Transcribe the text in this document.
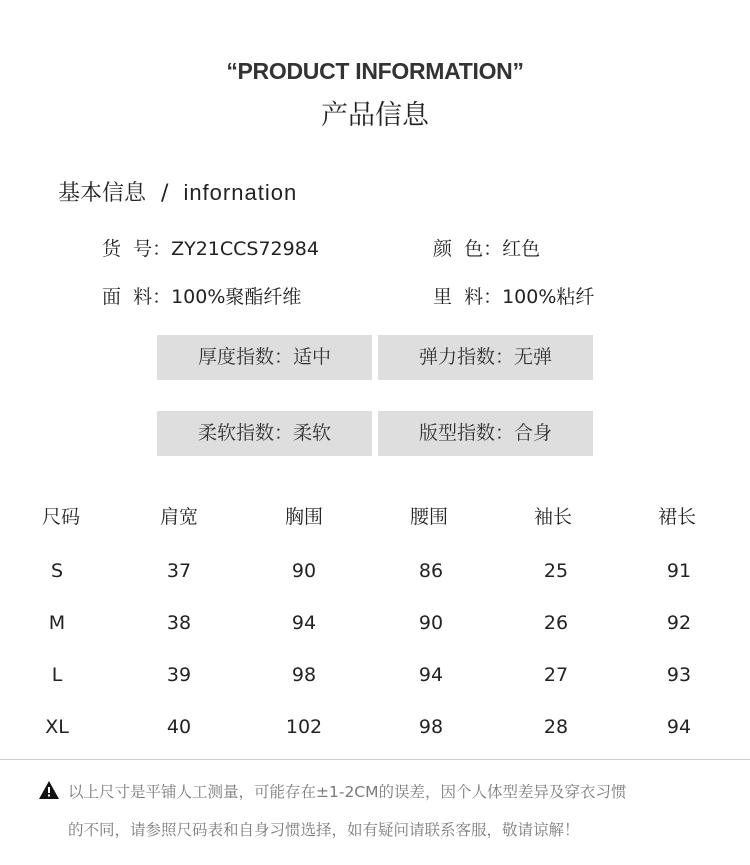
“PRODUCT INFORMATION”
产品信息
基本信息 / infornation
货  号：ZY21CCS72984	颜  色：红色
面  料：100%聚酯纤维	里  料：100%粘纤
厚度指数：适中	弹力指数：无弹
柔软指数：柔软	版型指数：合身
尺码	肩宽	胸围	腰围	袖长	裙长
S	37	90	86	25	91
M	38	94	90	26	92
L	39	98	94	27	93
XL	40	102	98	28	94
以上尺寸是平铺人工测量，可能存在±1-2CM的误差，因个人体型差异及穿衣习惯
的不同，请参照尺码表和自身习惯选择，如有疑问请联系客服，敬请谅解！
